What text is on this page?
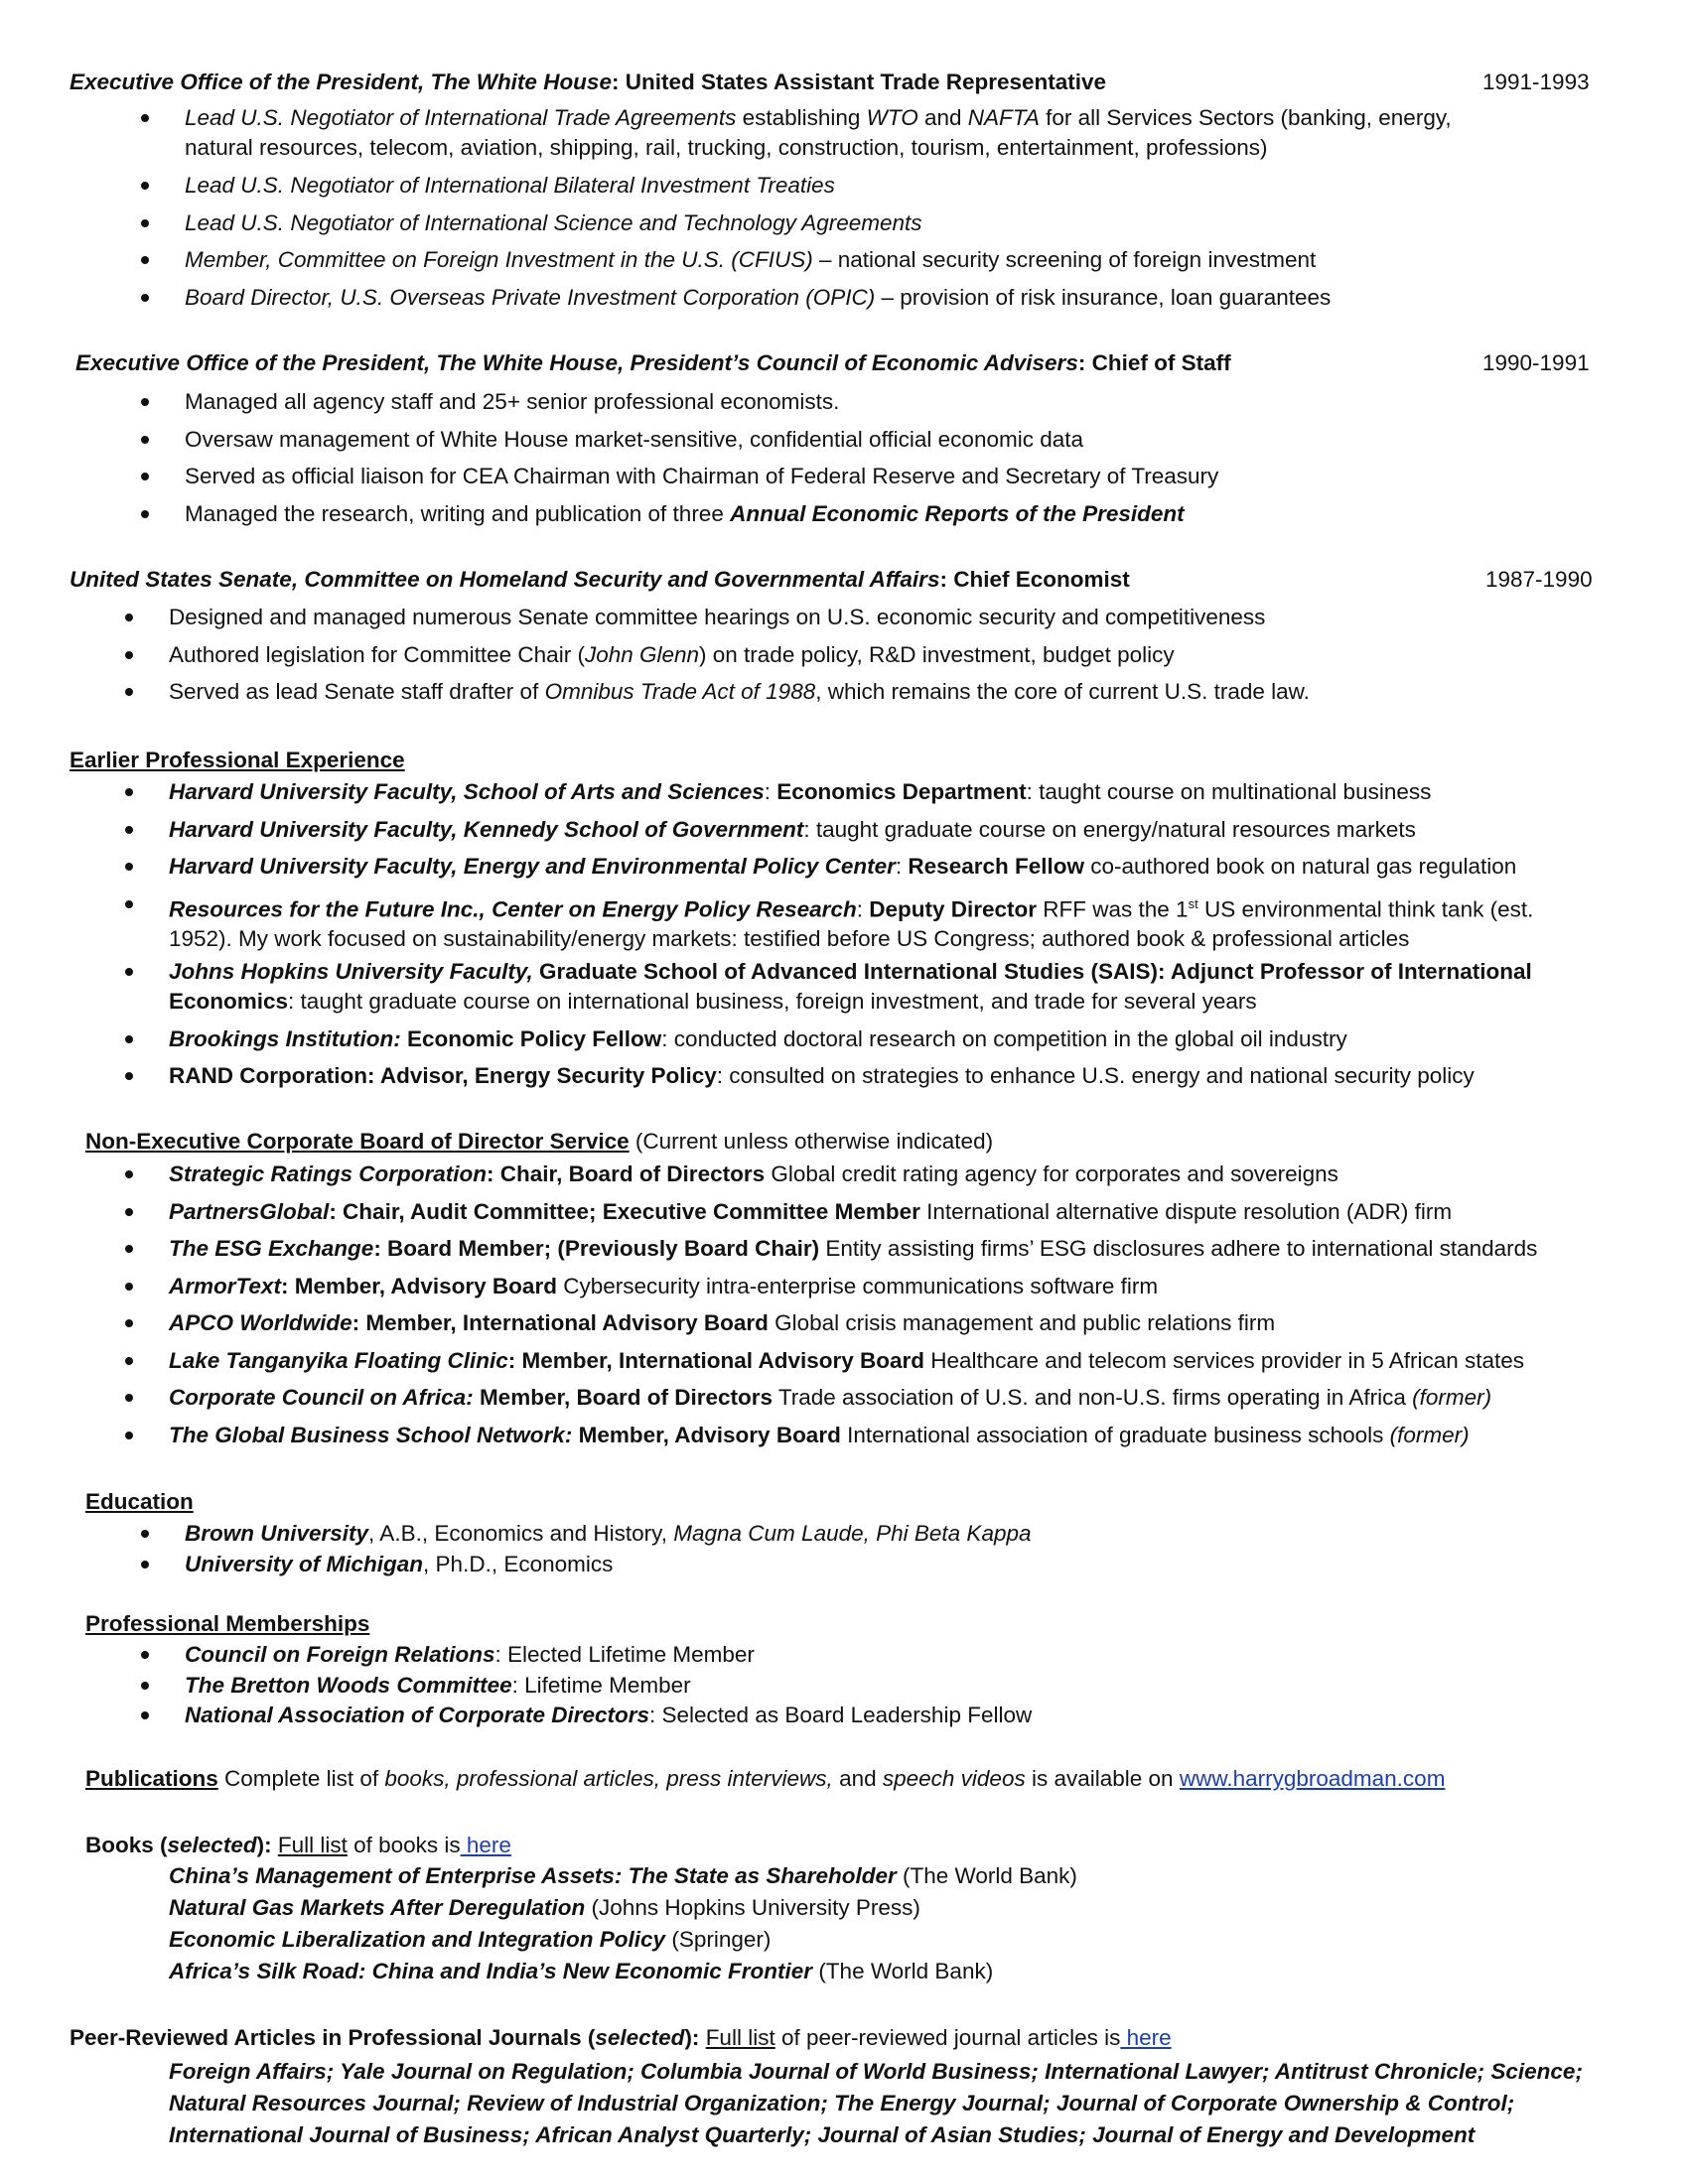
Executive Office of the President, The White House: United States Assistant Trade Representative	1991-1993
Lead U.S. Negotiator of International Trade Agreements establishing WTO and NAFTA for all Services Sectors (banking, energy, natural resources, telecom, aviation, shipping, rail, trucking, construction, tourism, entertainment, professions)
Lead U.S. Negotiator of International Bilateral Investment Treaties
Lead U.S. Negotiator of International Science and Technology Agreements
Member, Committee on Foreign Investment in the U.S. (CFIUS) – national security screening of foreign investment
Board Director, U.S. Overseas Private Investment Corporation (OPIC) – provision of risk insurance, loan guarantees
Executive Office of the President, The White House, President’s Council of Economic Advisers: Chief of Staff	1990-1991
Managed all agency staff and 25+ senior professional economists.
Oversaw management of White House market-sensitive, confidential official economic data
Served as official liaison for CEA Chairman with Chairman of Federal Reserve and Secretary of Treasury
Managed the research, writing and publication of three Annual Economic Reports of the President
United States Senate, Committee on Homeland Security and Governmental Affairs: Chief Economist	1987-1990
Designed and managed numerous Senate committee hearings on U.S. economic security and competitiveness
Authored legislation for Committee Chair (John Glenn) on trade policy, R&D investment, budget policy
Served as lead Senate staff drafter of Omnibus Trade Act of 1988, which remains the core of current U.S. trade law.
Earlier Professional Experience
Harvard University Faculty, School of Arts and Sciences: Economics Department: taught course on multinational business
Harvard University Faculty, Kennedy School of Government: taught graduate course on energy/natural resources markets
Harvard University Faculty, Energy and Environmental Policy Center: Research Fellow co-authored book on natural gas regulation
Resources for the Future Inc., Center on Energy Policy Research: Deputy Director RFF was the 1st US environmental think tank (est. 1952). My work focused on sustainability/energy markets: testified before US Congress; authored book & professional articles
Johns Hopkins University Faculty, Graduate School of Advanced International Studies (SAIS): Adjunct Professor of International Economics: taught graduate course on international business, foreign investment, and trade for several years
Brookings Institution: Economic Policy Fellow: conducted doctoral research on competition in the global oil industry
RAND Corporation: Advisor, Energy Security Policy: consulted on strategies to enhance U.S. energy and national security policy
Non-Executive Corporate Board of Director Service (Current unless otherwise indicated)
Strategic Ratings Corporation: Chair, Board of Directors Global credit rating agency for corporates and sovereigns
PartnersGlobal: Chair, Audit Committee; Executive Committee Member International alternative dispute resolution (ADR) firm
The ESG Exchange: Board Member; (Previously Board Chair) Entity assisting firms’ ESG disclosures adhere to international standards
ArmorText: Member, Advisory Board Cybersecurity intra-enterprise communications software firm
APCO Worldwide: Member, International Advisory Board Global crisis management and public relations firm
Lake Tanganyika Floating Clinic: Member, International Advisory Board Healthcare and telecom services provider in 5 African states
Corporate Council on Africa: Member, Board of Directors Trade association of U.S. and non-U.S. firms operating in Africa (former)
The Global Business School Network: Member, Advisory Board International association of graduate business schools (former)
Education
Brown University, A.B., Economics and History, Magna Cum Laude, Phi Beta Kappa
University of Michigan, Ph.D., Economics
Professional Memberships
Council on Foreign Relations: Elected Lifetime Member
The Bretton Woods Committee: Lifetime Member
National Association of Corporate Directors: Selected as Board Leadership Fellow
Publications Complete list of books, professional articles, press interviews, and speech videos is available on www.harrygbroadman.com
Books (selected): Full list of books is here
China’s Management of Enterprise Assets: The State as Shareholder (The World Bank)
Natural Gas Markets After Deregulation (Johns Hopkins University Press)
Economic Liberalization and Integration Policy (Springer)
Africa’s Silk Road: China and India’s New Economic Frontier (The World Bank)
Peer-Reviewed Articles in Professional Journals (selected): Full list of peer-reviewed journal articles is here
Foreign Affairs; Yale Journal on Regulation; Columbia Journal of World Business; International Lawyer; Antitrust Chronicle; Science;
Natural Resources Journal; Review of Industrial Organization; The Energy Journal; Journal of Corporate Ownership & Control;
International Journal of Business; African Analyst Quarterly; Journal of Asian Studies; Journal of Energy and Development
